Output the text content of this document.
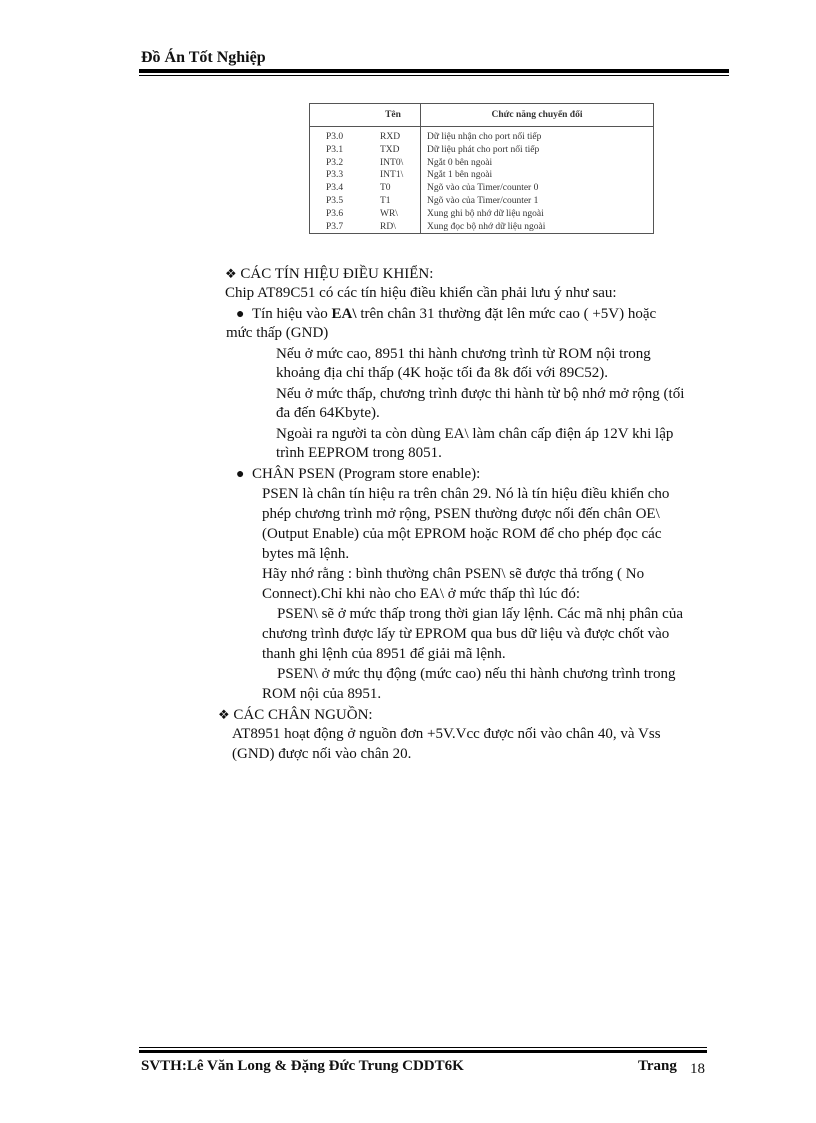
Đồ Án Tốt Nghiệp
	Tên	Chức năng chuyển đổi
P3.0	RXD	Dữ liệu nhận cho port nối tiếp
P3.1	TXD	Dữ liệu phát cho port nối tiếp
P3.2	INT0\	Ngắt 0 bên ngoài
P3.3	INT1\	Ngắt 1 bên ngoài
P3.4	T0	Ngõ vào của Timer/counter 0
P3.5	T1	Ngõ vào của Timer/counter 1
P3.6	WR\	Xung ghi bộ nhớ dữ liệu ngoài
P3.7	RD\	Xung đọc bộ nhớ dữ liệu ngoài
❖ CÁC TÍN HIỆU ĐIỀU KHIỂN:
Chip AT89C51 có các tín hiệu điều khiển cần phải lưu ý như sau:
● Tín hiệu vào EA\ trên chân 31 thường đặt lên mức cao ( +5V) hoặc
mức thấp (GND)
Nếu ở mức cao, 8951 thi hành chương trình từ ROM nội trong
khoảng địa chỉ thấp (4K hoặc tối đa 8k đối với 89C52).
Nếu ở mức thấp, chương trình được thi hành từ bộ nhớ mở rộng (tối
đa đến 64Kbyte).
Ngoài ra người ta còn dùng EA\ làm chân cấp điện áp 12V khi lập
trình EEPROM trong 8051.
● CHÂN PSEN (Program store enable):
PSEN là chân tín hiệu ra trên chân 29. Nó là tín hiệu điều khiển cho
phép chương trình mở rộng, PSEN thường được nối đến chân OE\
(Output Enable) của một EPROM hoặc ROM để cho phép đọc các
bytes mã lệnh.
Hãy nhớ rằng : bình thường chân PSEN\ sẽ được thả trống ( No
Connect).Chỉ khi nào cho EA\ ở mức thấp thì lúc đó:
PSEN\ sẽ ở mức thấp trong thời gian lấy lệnh. Các mã nhị phân của
chương trình được lấy từ EPROM qua bus dữ liệu và được chốt vào
thanh ghi lệnh của 8951 để giải mã lệnh.
PSEN\ ở mức thụ động (mức cao) nếu thi hành chương trình trong
ROM nội của 8951.
❖ CÁC CHÂN NGUỒN:
AT8951 hoạt động ở nguồn đơn +5V.Vcc được nối vào chân 40, và Vss
(GND) được nối vào chân 20.
SVTH:Lê Văn Long & Đặng Đức Trung CDDT6K	Trang 18
